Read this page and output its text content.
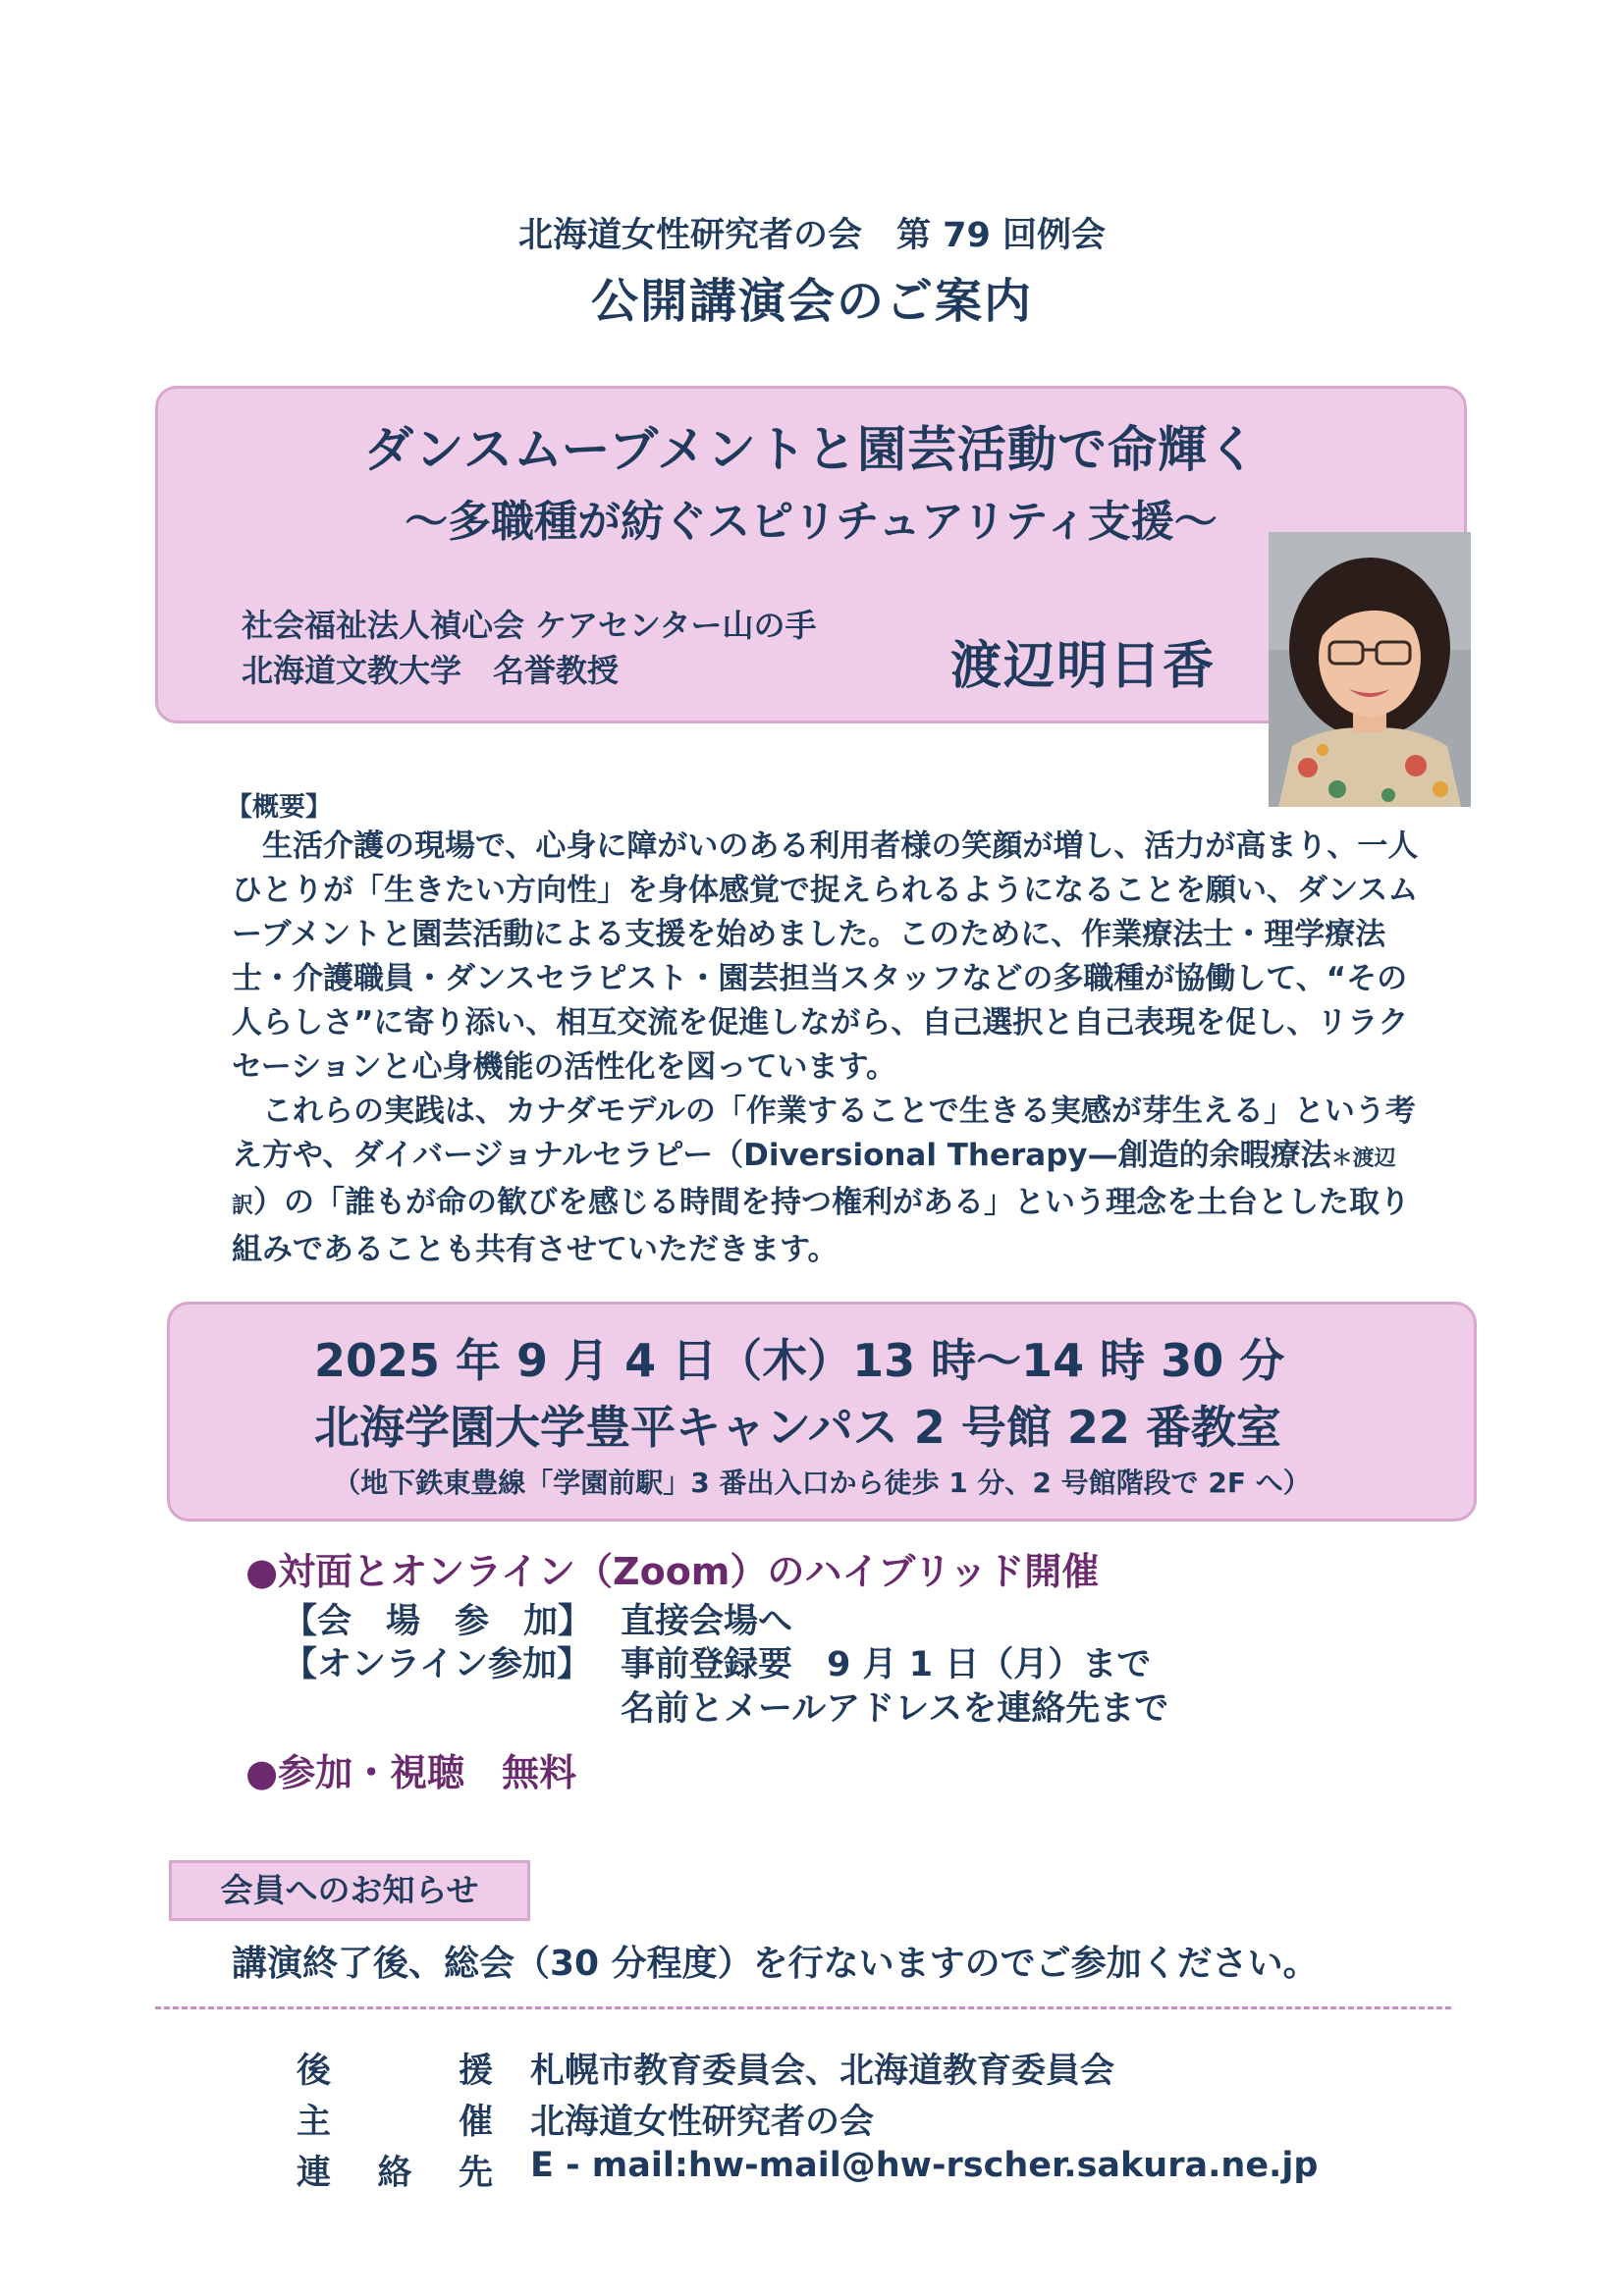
北海道女性研究者の会　第 79 回例会
公開講演会のご案内
ダンスムーブメントと園芸活動で命輝く
～多職種が紡ぐスピリチュアリティ支援～
社会福祉法人禎心会 ケアセンター山の手
北海道文教大学　名誉教授	渡辺明日香
【概要】

生活介護の現場で、心身に障がいのある利用者様の笑顔が増し、活力が高まり、一人ひとりが「生きたい方向性」を身体感覚で捉えられるようになることを願い、ダンスムーブメントと園芸活動による支援を始めました。このために、作業療法士・理学療法士・介護職員・ダンスセラピスト・園芸担当スタッフなどの多職種が協働して、“その人らしさ”に寄り添い、相互交流を促進しながら、自己選択と自己表現を促し、リラクセーションと心身機能の活性化を図っています。

これらの実践は、カナダモデルの「作業することで生きる実感が芽生える」という考え方や、ダイバージョナルセラピー（Diversional Therapy—創造的余暇療法＊渡辺訳）の「誰もが命の歓びを感じる時間を持つ権利がある」という理念を土台とした取り組みであることも共有させていただきます。

2025 年 9 月 4 日（木）13 時～14 時 30 分
北海学園大学豊平キャンパス 2 号館 22 番教室
（地下鉄東豊線「学園前駅」3 番出入口から徒歩 1 分、2 号館階段で 2F へ）
●対面とオンライン（Zoom）のハイブリッド開催
【会　場　参　加】 直接会場へ
【オンライン参加】 事前登録要　9 月 1 日（月）まで
名前とメールアドレスを連絡先まで
●参加・視聴　無料
会員へのお知らせ
講演終了後、総会（30 分程度）を行ないますのでご参加ください。
後	援 札幌市教育委員会、北海道教育委員会
主	催 北海道女性研究者の会
連 絡 先 E - mail:hw-mail@hw-rscher.sakura.ne.jp
